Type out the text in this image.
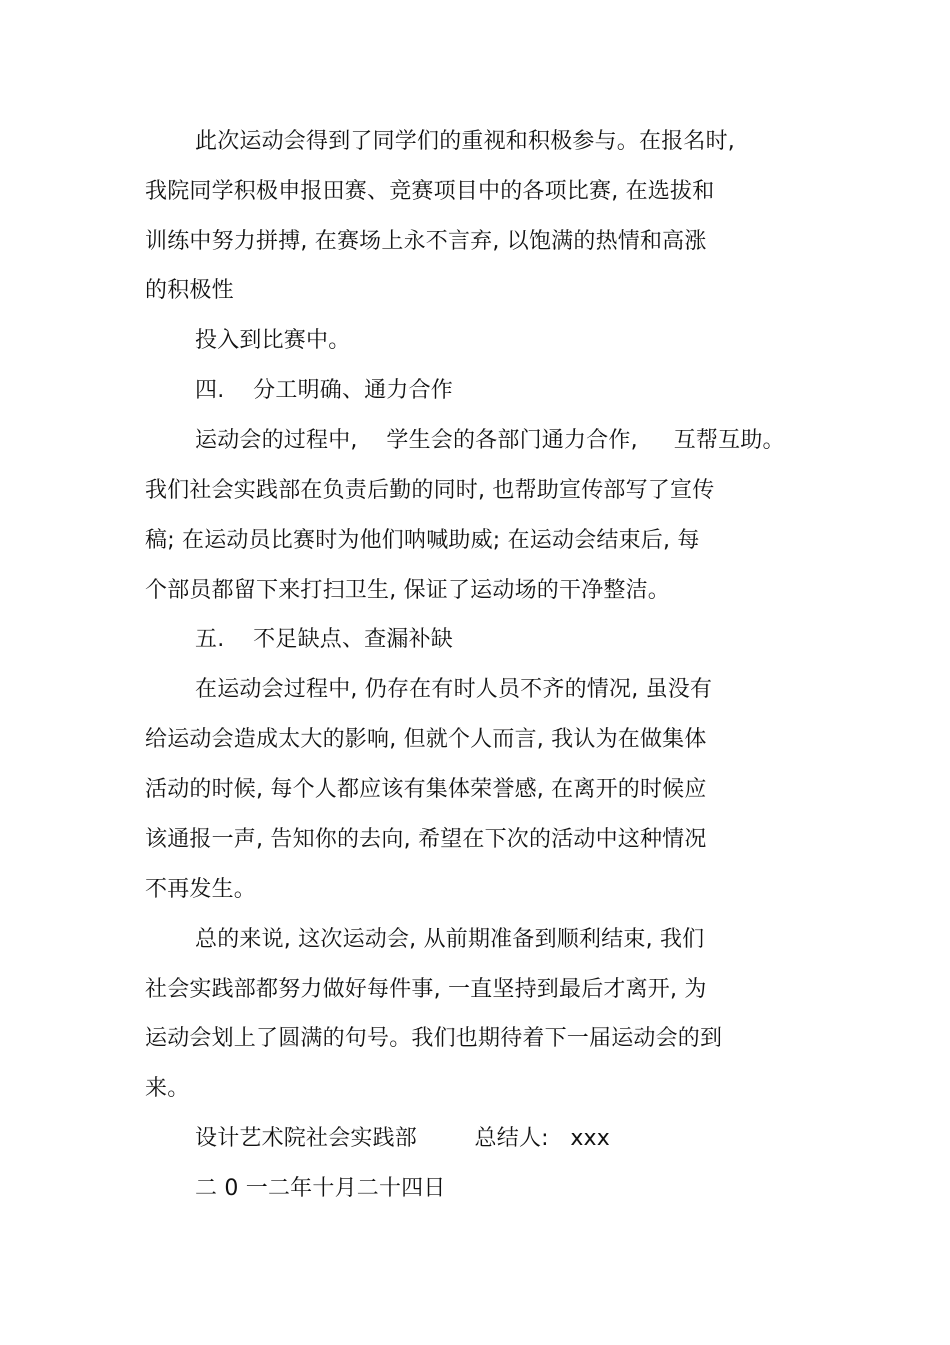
此次运动会得到了同学们的重视和积极参与。在报名时,
我院同学积极申报田赛、竞赛项目中的各项比赛, 在选拔和
训练中努力拼搏, 在赛场上永不言弃, 以饱满的热情和高涨
的积极性
投入到比赛中。
四.    分工明确、通力合作
运动会的过程中,    学生会的各部门通力合作,     互帮互助。
我们社会实践部在负责后勤的同时, 也帮助宣传部写了宣传
稿; 在运动员比赛时为他们呐喊助威; 在运动会结束后, 每
个部员都留下来打扫卫生, 保证了运动场的干净整洁。
五.    不足缺点、查漏补缺
在运动会过程中, 仍存在有时人员不齐的情况, 虽没有
给运动会造成太大的影响, 但就个人而言, 我认为在做集体
活动的时候, 每个人都应该有集体荣誉感, 在离开的时候应
该通报一声, 告知你的去向, 希望在下次的活动中这种情况
不再发生。
总的来说, 这次运动会, 从前期准备到顺利结束, 我们
社会实践部都努力做好每件事, 一直坚持到最后才离开, 为
运动会划上了圆满的句号。我们也期待着下一届运动会的到
来。
设计艺术院社会实践部        总结人:   xxx
二 0 一二年十月二十四日
